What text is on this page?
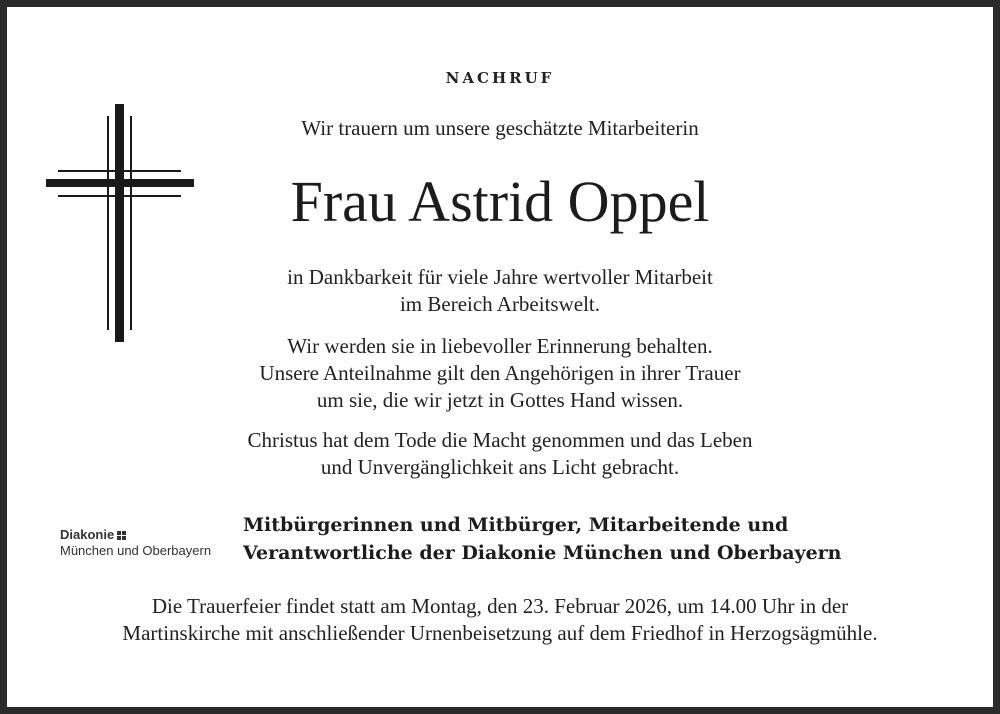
NACHRUF
Wir trauern um unsere geschätzte Mitarbeiterin
Frau Astrid Oppel
in Dankbarkeit für viele Jahre wertvoller Mitarbeit
im Bereich Arbeitswelt.
Wir werden sie in liebevoller Erinnerung behalten.
Unsere Anteilnahme gilt den Angehörigen in ihrer Trauer
um sie, die wir jetzt in Gottes Hand wissen.
Christus hat dem Tode die Macht genommen und das Leben
und Unvergänglichkeit ans Licht gebracht.
Diakonie
München und Oberbayern
Mitbürgerinnen und Mitbürger, Mitarbeitende und
Verantwortliche der Diakonie München und Oberbayern
Die Trauerfeier findet statt am Montag, den 23. Februar 2026, um 14.00 Uhr in der
Martinskirche mit anschließender Urnenbeisetzung auf dem Friedhof in Herzogsägmühle.
